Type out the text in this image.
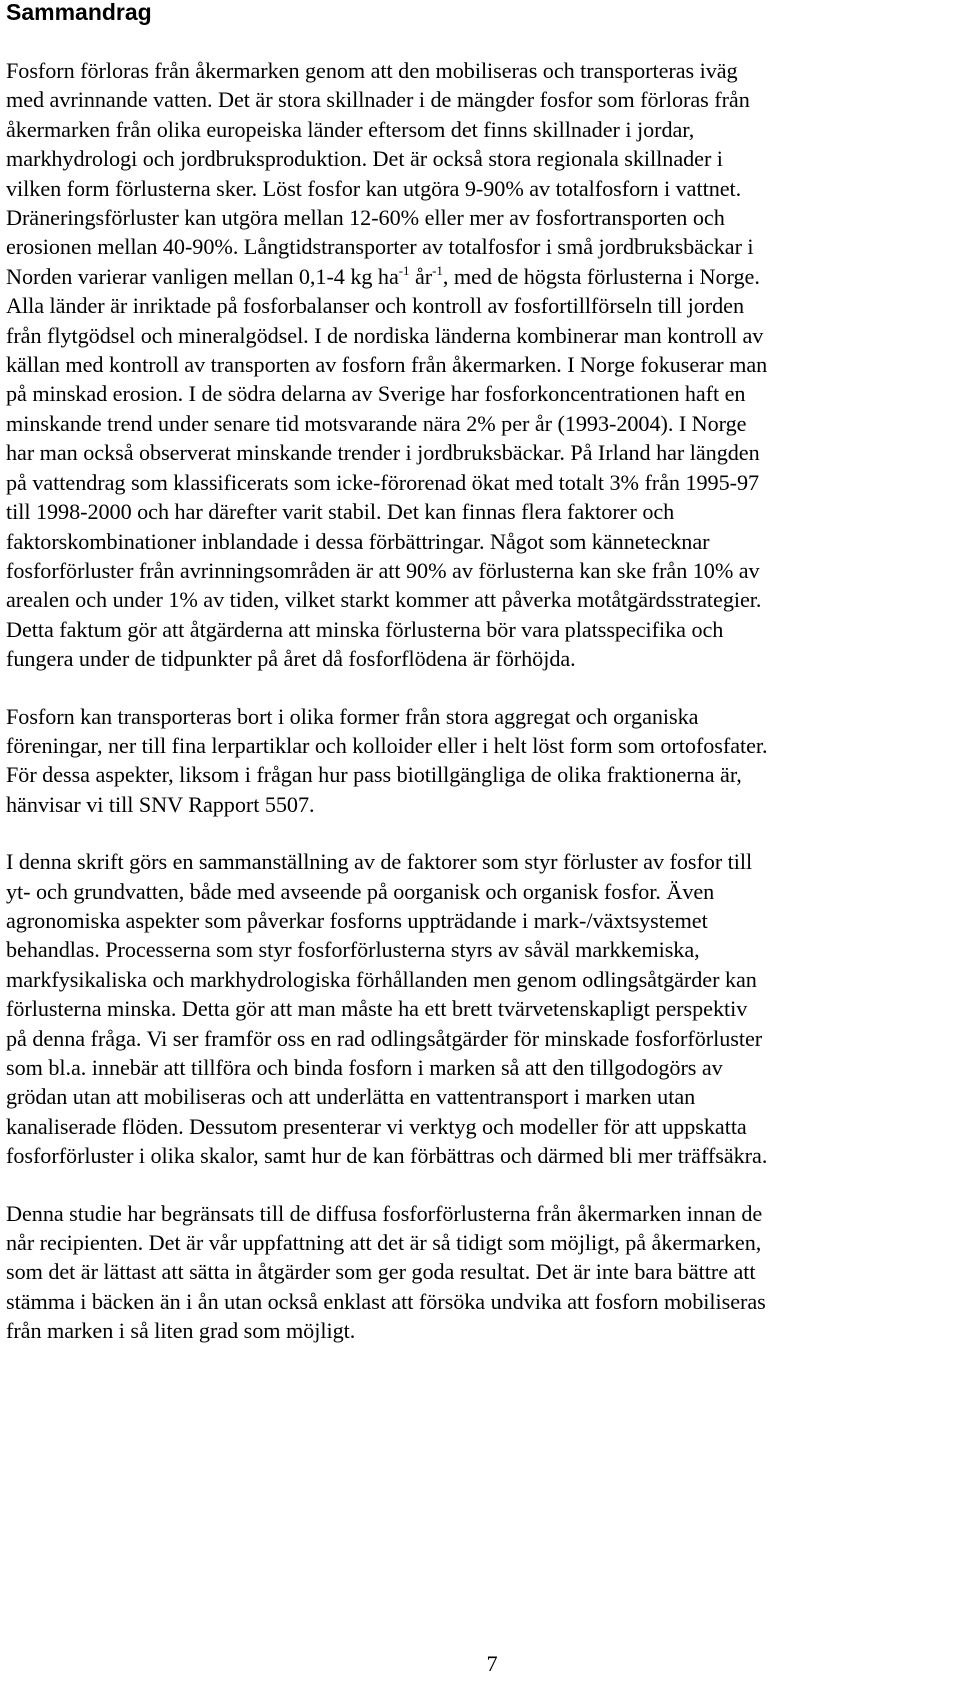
Sammandrag

Fosforn förloras från åkermarken genom att den mobiliseras och transporteras iväg
med avrinnande vatten. Det är stora skillnader i de mängder fosfor som förloras från
åkermarken från olika europeiska länder eftersom det finns skillnader i jordar,
markhydrologi och jordbruksproduktion. Det är också stora regionala skillnader i
vilken form förlusterna sker. Löst fosfor kan utgöra 9-90% av totalfosforn i vattnet.
Dräneringsförluster kan utgöra mellan 12-60% eller mer av fosfortransporten och
erosionen mellan 40-90%. Långtidstransporter av totalfosfor i små jordbruksbäckar i
Norden varierar vanligen mellan 0,1-4 kg $ha^{-1}$ $år^{-1}$, med de högsta förlusterna i Norge.
Alla länder är inriktade på fosforbalanser och kontroll av fosfortillförseln till jorden
från flytgödsel och mineralgödsel. I de nordiska länderna kombinerar man kontroll av
källan med kontroll av transporten av fosforn från åkermarken. I Norge fokuserar man
på minskad erosion. I de södra delarna av Sverige har fosforkoncentrationen haft en
minskande trend under senare tid motsvarande nära 2% per år (1993-2004). I Norge
har man också observerat minskande trender i jordbruksbäckar. På Irland har längden
på vattendrag som klassificerats som icke-förorenad ökat med totalt 3% från 1995-97
till 1998-2000 och har därefter varit stabil. Det kan finnas flera faktorer och
faktorskombinationer inblandade i dessa förbättringar. Något som kännetecknar
fosforförluster från avrinningsområden är att 90% av förlusterna kan ske från 10% av
arealen och under 1% av tiden, vilket starkt kommer att påverka motåtgärdsstrategier.
Detta faktum gör att åtgärderna att minska förlusterna bör vara platsspecifika och
fungera under de tidpunkter på året då fosforflödena är förhöjda.

Fosforn kan transporteras bort i olika former från stora aggregat och organiska
föreningar, ner till fina lerpartiklar och kolloider eller i helt löst form som ortofosfater.
För dessa aspekter, liksom i frågan hur pass biotillgängliga de olika fraktionerna är,
hänvisar vi till SNV Rapport 5507.

I denna skrift görs en sammanställning av de faktorer som styr förluster av fosfor till
yt- och grundvatten, både med avseende på oorganisk och organisk fosfor. Även
agronomiska aspekter som påverkar fosforns uppträdande i mark-/växtsystemet
behandlas. Processerna som styr fosforförlusterna styrs av såväl markkemiska,
markfysikaliska och markhydrologiska förhållanden men genom odlingsåtgärder kan
förlusterna minska. Detta gör att man måste ha ett brett tvärvetenskapligt perspektiv
på denna fråga. Vi ser framför oss en rad odlingsåtgärder för minskade fosforförluster
som bl.a. innebär att tillföra och binda fosforn i marken så att den tillgodogörs av
grödan utan att mobiliseras och att underlätta en vattentransport i marken utan
kanaliserade flöden. Dessutom presenterar vi verktyg och modeller för att uppskatta
fosforförluster i olika skalor, samt hur de kan förbättras och därmed bli mer träffsäkra.

Denna studie har begränsats till de diffusa fosforförlusterna från åkermarken innan de
når recipienten. Det är vår uppfattning att det är så tidigt som möjligt, på åkermarken,
som det är lättast att sätta in åtgärder som ger goda resultat. Det är inte bara bättre att
stämma i bäcken än i ån utan också enklast att försöka undvika att fosforn mobiliseras
från marken i så liten grad som möjligt.

7
